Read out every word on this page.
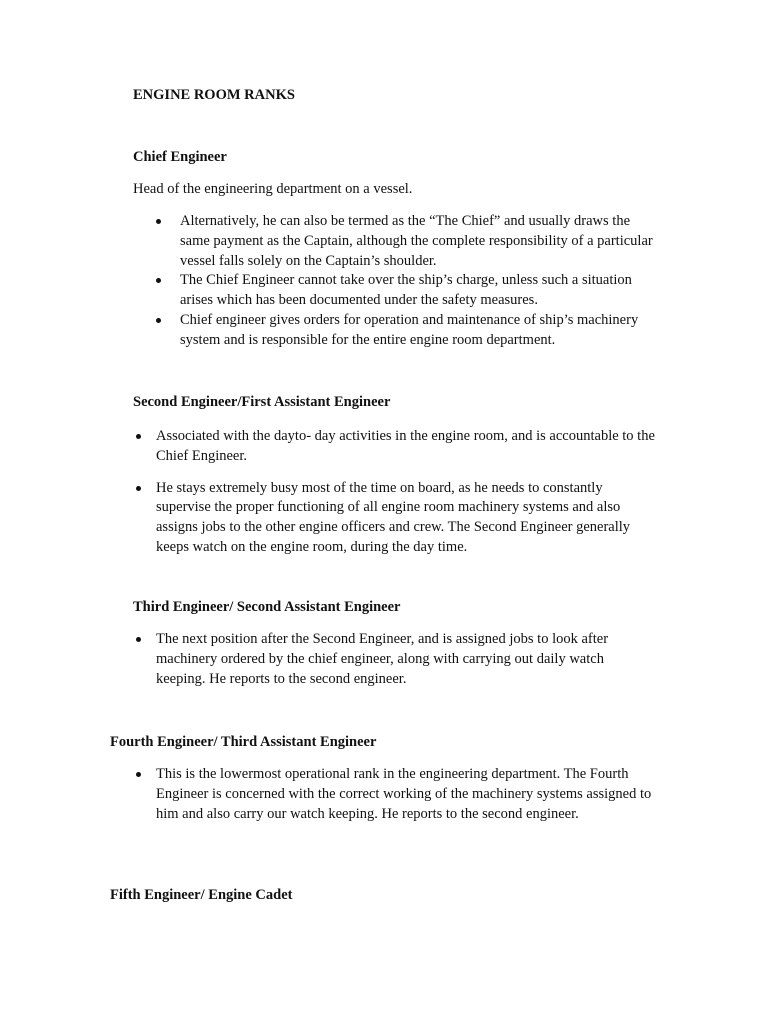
ENGINE ROOM RANKS
Chief Engineer
Head of the engineering department on a vessel.
Alternatively, he can also be termed as the “The Chief” and usually draws the same payment as the Captain, although the complete responsibility of a particular vessel falls solely on the Captain’s shoulder.
The Chief Engineer cannot take over the ship’s charge, unless such a situation arises which has been documented under the safety measures.
Chief engineer gives orders for operation and maintenance of ship’s machinery system and is responsible for the entire engine room department.
Second Engineer/First Assistant Engineer
Associated with the dayto- day activities in the engine room, and is accountable to the Chief Engineer.
He stays extremely busy most of the time on board, as he needs to constantly supervise the proper functioning of all engine room machinery systems and also assigns jobs to the other engine officers and crew. The Second Engineer generally keeps watch on the engine room, during the day time.
Third Engineer/ Second Assistant Engineer
The next position after the Second Engineer, and is assigned jobs to look after machinery ordered by the chief engineer, along with carrying out daily watch keeping. He reports to the second engineer.
Fourth Engineer/ Third Assistant Engineer
This is the lowermost operational rank in the engineering department. The Fourth Engineer is concerned with the correct working of the machinery systems assigned to him and also carry our watch keeping. He reports to the second engineer.
Fifth Engineer/ Engine Cadet
